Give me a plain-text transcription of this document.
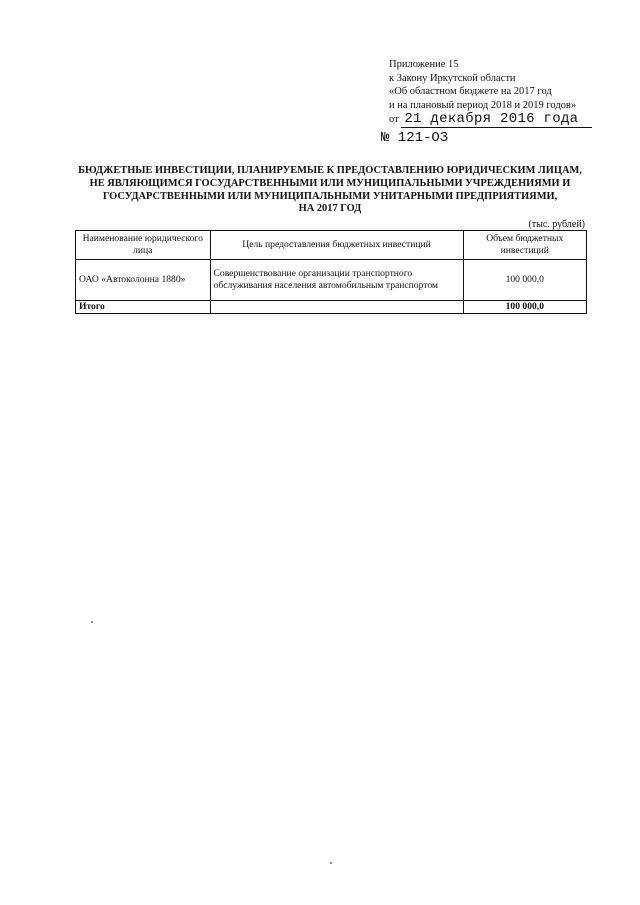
Приложение 15
к Закону Иркутской области
«Об областном бюджете на 2017 год
и на плановый период 2018 и 2019 годов»
от 21 декабря 2016 года
№ 121-ОЗ
БЮДЖЕТНЫЕ ИНВЕСТИЦИИ, ПЛАНИРУЕМЫЕ К ПРЕДОСТАВЛЕНИЮ ЮРИДИЧЕСКИМ ЛИЦАМ,
НЕ ЯВЛЯЮЩИМСЯ ГОСУДАРСТВЕННЫМИ ИЛИ МУНИЦИПАЛЬНЫМИ УЧРЕЖДЕНИЯМИ И
ГОСУДАРСТВЕННЫМИ ИЛИ МУНИЦИПАЛЬНЫМИ УНИТАРНЫМИ ПРЕДПРИЯТИЯМИ,
НА 2017 ГОД
(тыс. рублей)
Наименование юридического лица	Цель предоставления бюджетных инвестиций	Объем бюджетных инвестиций
ОАО «Автоколонна 1880»	Совершенствование организации транспортного обслуживания населения автомобильным транспортом	100 000,0
Итого		100 000,0
